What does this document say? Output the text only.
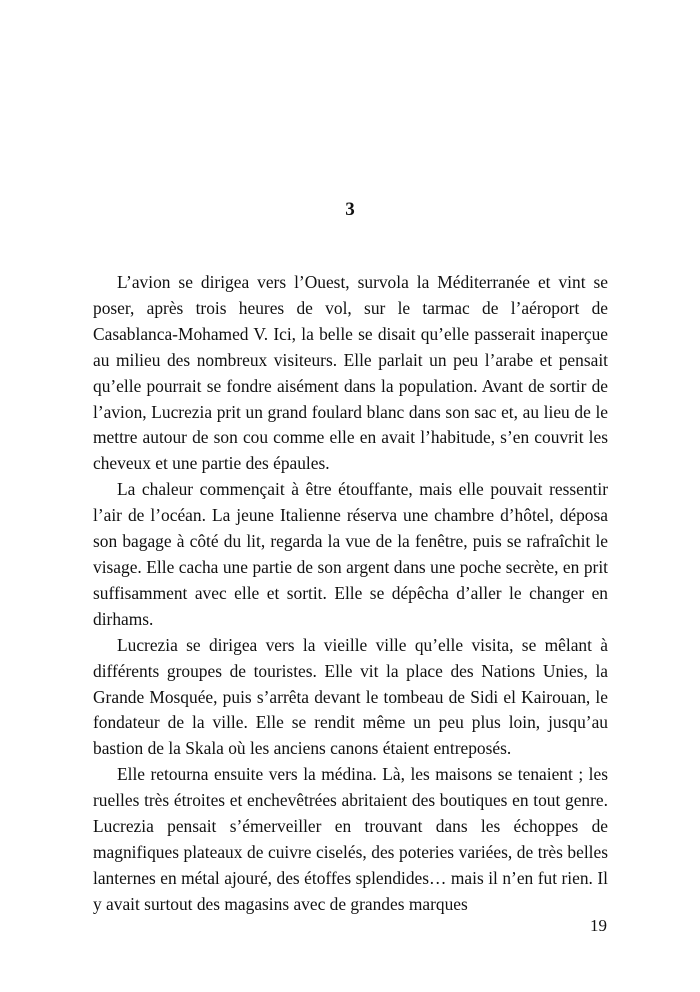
3

L’avion se dirigea vers l’Ouest, survola la Méditerranée et vint se poser, après trois heures de vol, sur le tarmac de l’aéroport de Casablanca-Mohamed V. Ici, la belle se disait qu’elle passerait inaperçue au milieu des nombreux visiteurs. Elle parlait un peu l’arabe et pensait qu’elle pourrait se fondre aisément dans la population. Avant de sortir de l’avion, Lucrezia prit un grand foulard blanc dans son sac et, au lieu de le mettre autour de son cou comme elle en avait l’habitude, s’en couvrit les cheveux et une partie des épaules.

La chaleur commençait à être étouffante, mais elle pouvait ressentir l’air de l’océan. La jeune Italienne réserva une chambre d’hôtel, déposa son bagage à côté du lit, regarda la vue de la fenêtre, puis se rafraîchit le visage. Elle cacha une partie de son argent dans une poche secrète, en prit suffisamment avec elle et sortit. Elle se dépêcha d’aller le changer en dirhams.

Lucrezia se dirigea vers la vieille ville qu’elle visita, se mêlant à différents groupes de touristes. Elle vit la place des Nations Unies, la Grande Mosquée, puis s’arrêta devant le tombeau de Sidi el Kairouan, le fondateur de la ville. Elle se rendit même un peu plus loin, jusqu’au bastion de la Skala où les anciens canons étaient entreposés.

Elle retourna ensuite vers la médina. Là, les maisons se tenaient ; les ruelles très étroites et enchevêtrées abritaient des boutiques en tout genre. Lucrezia pensait s’émerveiller en trouvant dans les échoppes de magnifiques plateaux de cuivre ciselés, des poteries variées, de très belles lanternes en métal ajouré, des étoffes splendides… mais il n’en fut rien. Il y avait surtout des magasins avec de grandes marques

19
